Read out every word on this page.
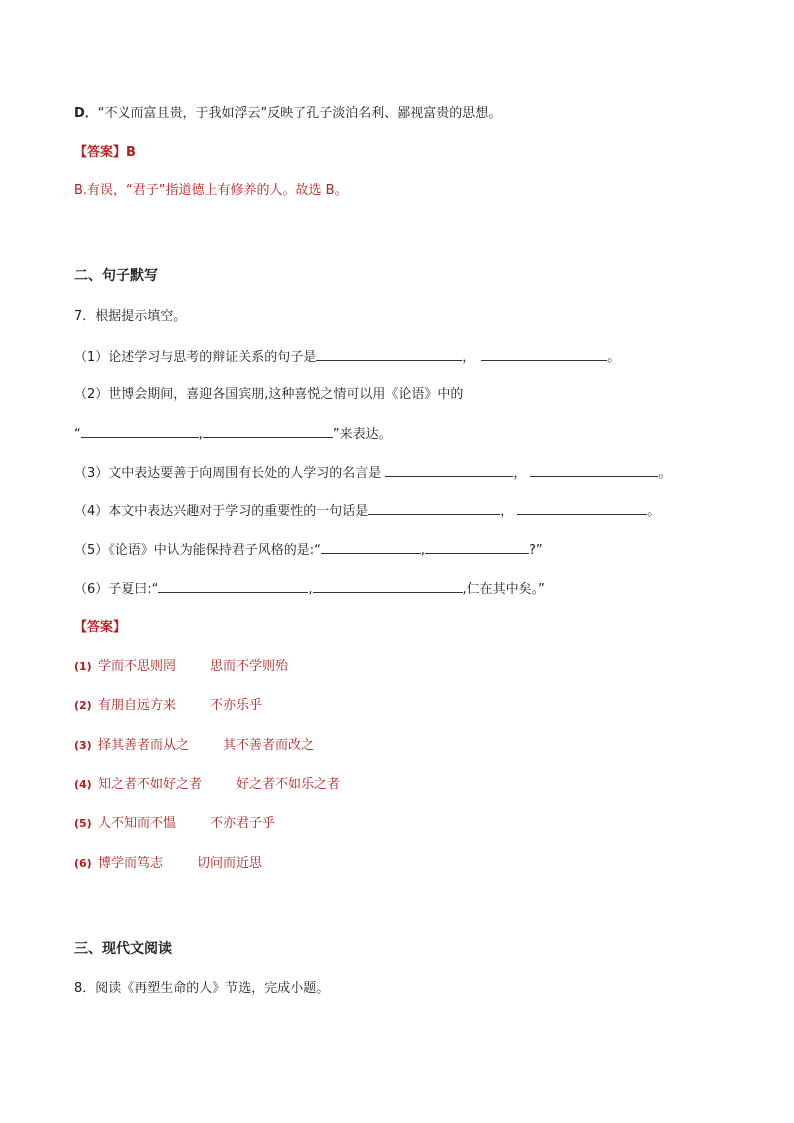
D．“不义而富且贵，于我如浮云”反映了孔子淡泊名利、鄙视富贵的思想。
【答案】B
B.有误，“君子”指道德上有修养的人。故选 B。
二、句子默写
7．根据提示填空。
（1）论述学习与思考的辩证关系的句子是	，	。
（2）世博会期间，喜迎各国宾朋,这种喜悦之情可以用《论语》中的
“	,	”来表达。
（3）文中表达要善于向周围有长处的人学习的名言是	，	。
（4）本文中表达兴趣对于学习的重要性的一句话是	，	。
（5）《论语》中认为能保持君子风格的是:“	,	?”
（6）子夏曰:“	,	,仁在其中矣。”
【答案】
(1) 学而不思则罔	思而不学则殆
(2) 有朋自远方来	不亦乐乎
(3) 择其善者而从之	其不善者而改之
(4) 知之者不如好之者	好之者不如乐之者
(5) 人不知而不愠	不亦君子乎
(6) 博学而笃志	切问而近思
三、现代文阅读
8．阅读《再塑生命的人》节选，完成小题。
